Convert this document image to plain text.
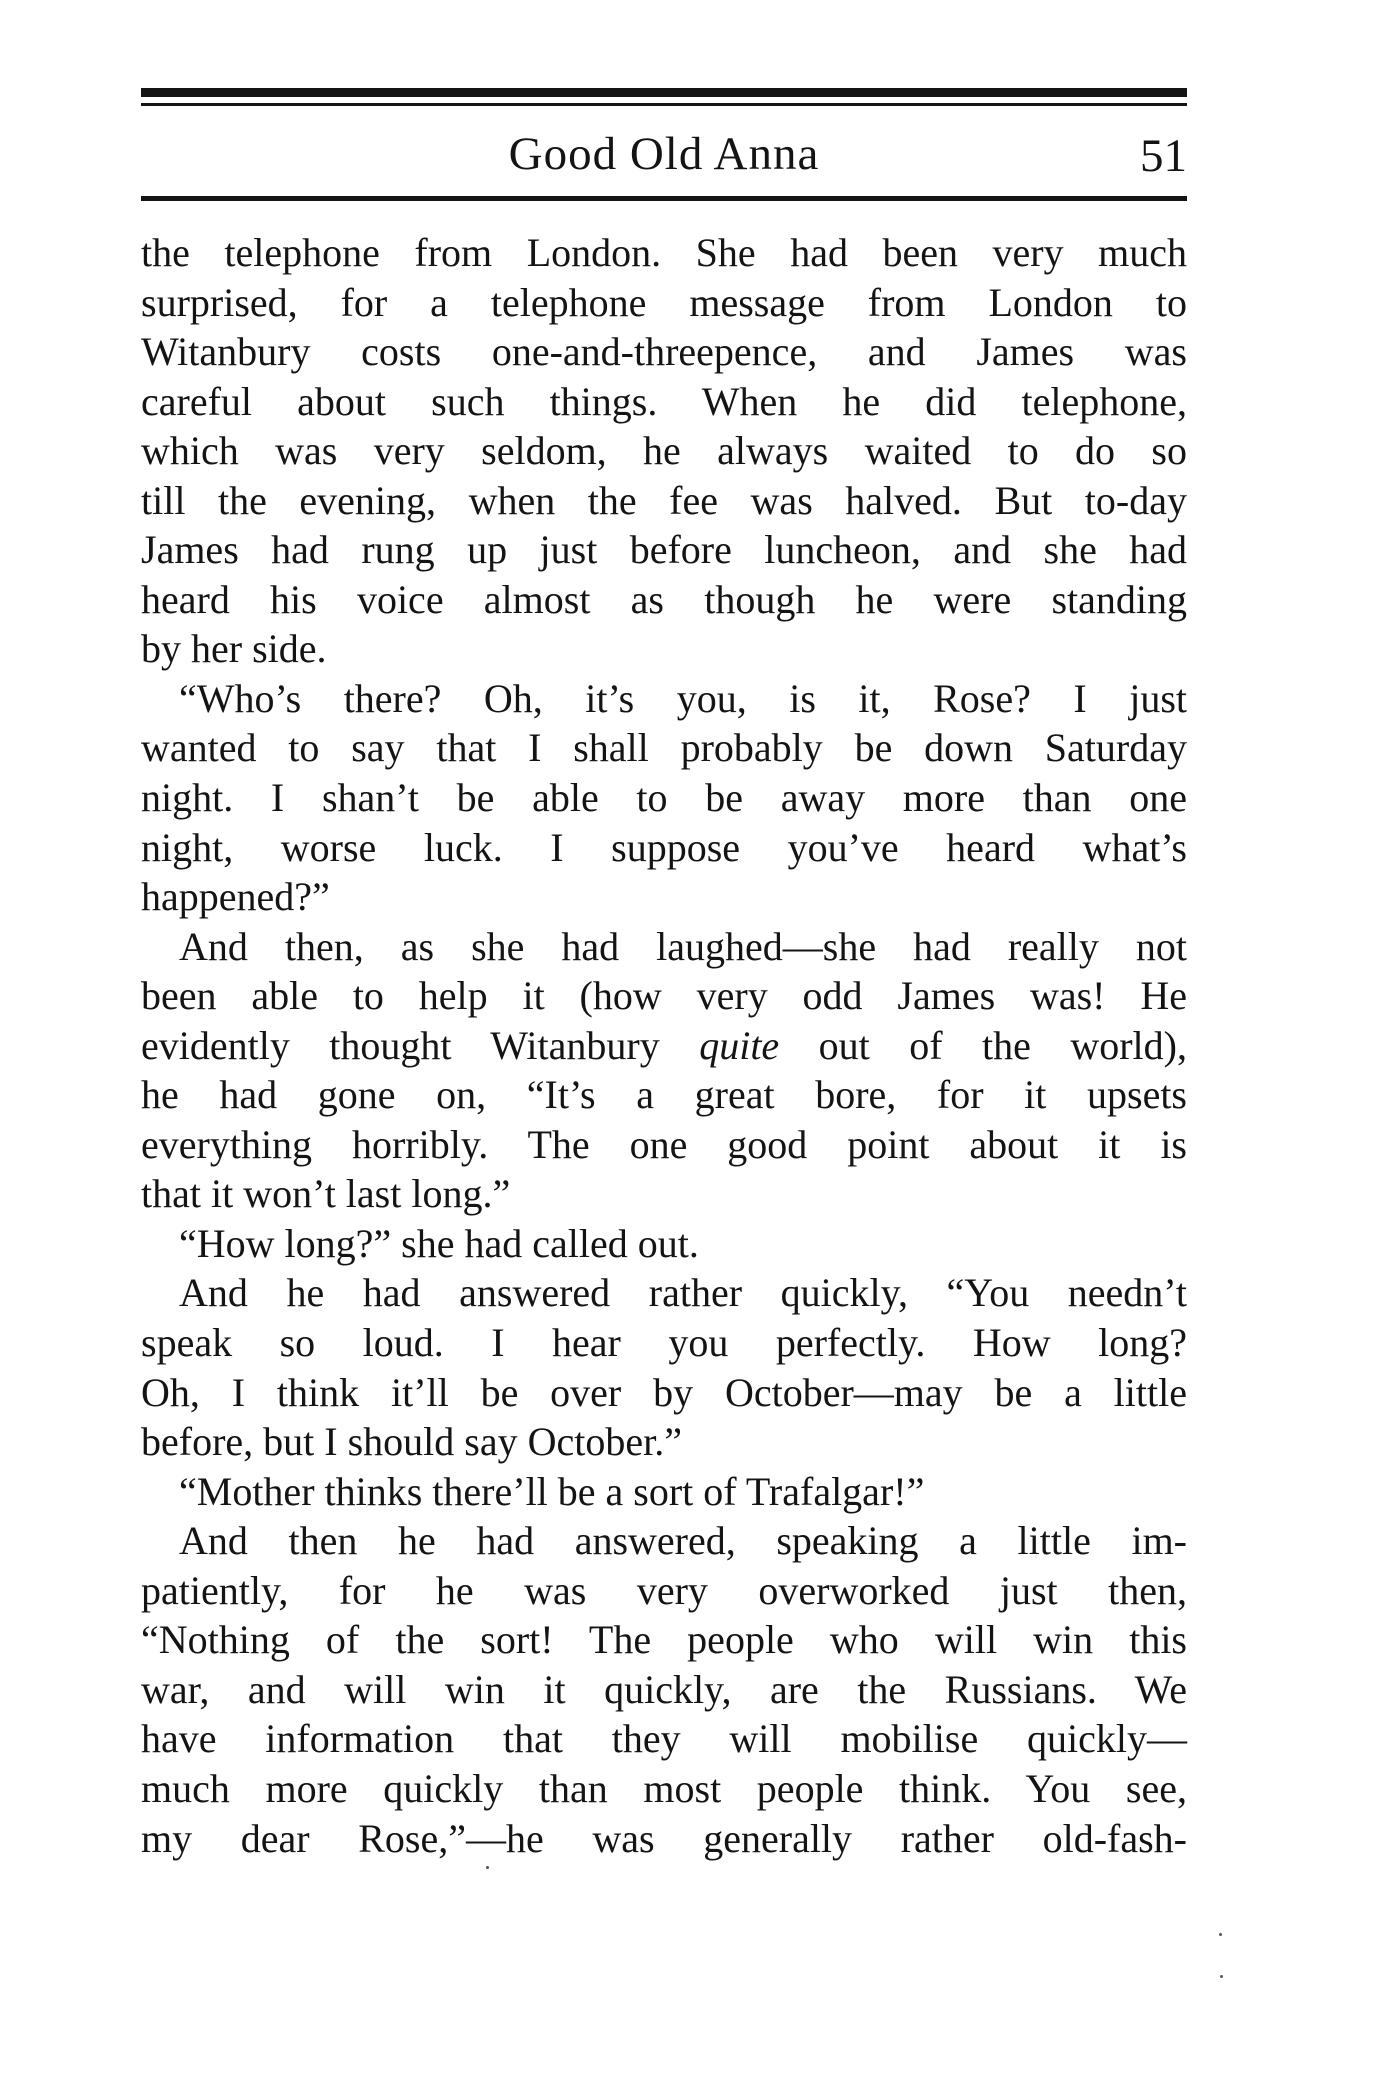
Good Old Anna	51
the telephone from London. She had been very much
surprised, for a telephone message from London to
Witanbury costs one-and-threepence, and James was
careful about such things. When he did telephone,
which was very seldom, he always waited to do so
till the evening, when the fee was halved. But to-day
James had rung up just before luncheon, and she had
heard his voice almost as though he were standing
by her side.
“Who’s there? Oh, it’s you, is it, Rose? I just
wanted to say that I shall probably be down Saturday
night. I shan’t be able to be away more than one
night, worse luck. I suppose you’ve heard what’s
happened?”
And then, as she had laughed—she had really not
been able to help it (how very odd James was! He
evidently thought Witanbury quite out of the world),
he had gone on, “It’s a great bore, for it upsets
everything horribly. The one good point about it is
that it won’t last long.”
“How long?” she had called out.
And he had answered rather quickly, “You needn’t
speak so loud. I hear you perfectly. How long?
Oh, I think it’ll be over by October—may be a little
before, but I should say October.”
“Mother thinks there’ll be a sort of Trafalgar!”
And then he had answered, speaking a little im-
patiently, for he was very overworked just then,
“Nothing of the sort! The people who will win this
war, and will win it quickly, are the Russians. We
have information that they will mobilise quickly—
much more quickly than most people think. You see,
my dear Rose,”—he was generally rather old-fash-
